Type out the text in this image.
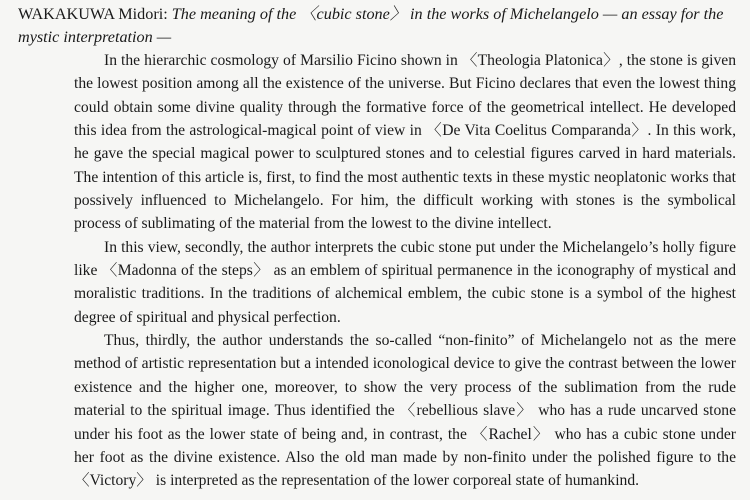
WAKAKUWA Midori: The meaning of the 〈cubic stone〉 in the works of Michelangelo — an essay for the mystic interpretation —

In the hierarchic cosmology of Marsilio Ficino shown in 〈Theologia Platonica〉, the stone is given the lowest position among all the existence of the universe. But Ficino declares that even the lowest thing could obtain some divine quality through the formative force of the geometrical intellect. He developed this idea from the astrological-magical point of view in 〈De Vita Coelitus Comparanda〉. In this work, he gave the special magical power to sculptured stones and to celestial figures carved in hard materials. The intention of this article is, first, to find the most authentic texts in these mystic neoplatonic works that possively influenced to Michelangelo. For him, the difficult working with stones is the symbolical process of sublimating of the material from the lowest to the divine intellect.

In this view, secondly, the author interprets the cubic stone put under the Michelangelo’s holly figure like 〈Madonna of the steps〉 as an emblem of spiritual permanence in the iconography of mystical and moralistic traditions. In the traditions of alchemical emblem, the cubic stone is a symbol of the highest degree of spiritual and physical perfection.

Thus, thirdly, the author understands the so-called “non-finito” of Michelangelo not as the mere method of artistic representation but a intended iconological device to give the contrast between the lower existence and the higher one, moreover, to show the very process of the sublimation from the rude material to the spiritual image. Thus identified the 〈rebellious slave〉 who has a rude uncarved stone under his foot as the lower state of being and, in contrast, the 〈Rachel〉 who has a cubic stone under her foot as the divine existence. Also the old man made by non-finito under the polished figure to the 〈Victory〉 is interpreted as the representation of the lower corporeal state of humankind.
